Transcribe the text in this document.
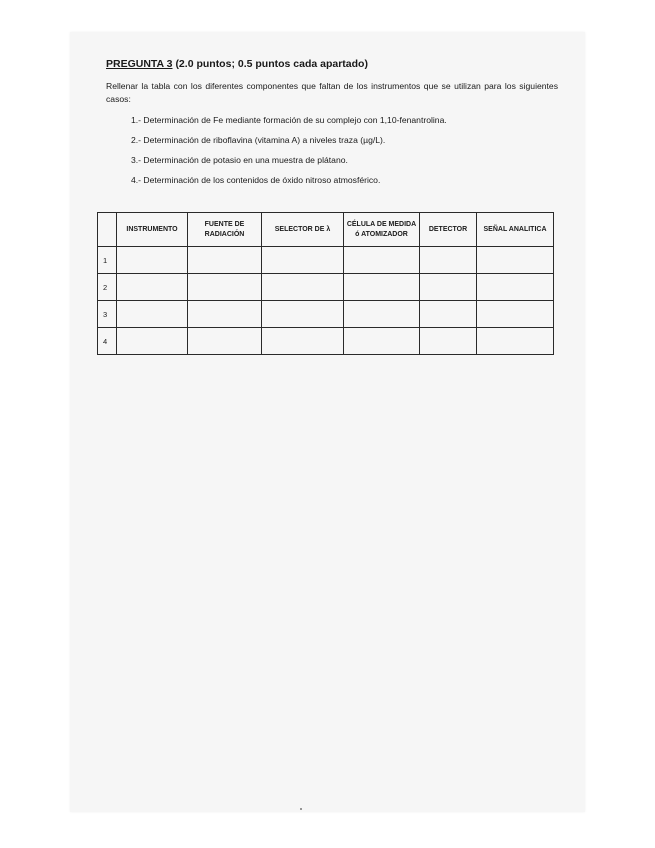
PREGUNTA 3 (2.0 puntos; 0.5 puntos cada apartado)
Rellenar la tabla con los diferentes componentes que faltan de los instrumentos que se utilizan para los siguientes casos:
1.- Determinación de Fe mediante formación de su complejo con 1,10-fenantrolina.
2.- Determinación de riboflavina (vitamina A) a niveles traza (µg/L).
3.- Determinación de potasio en una muestra de plátano.
4.- Determinación de los contenidos de óxido nitroso atmosférico.
	INSTRUMENTO	FUENTE DE RADIACIÓN	SELECTOR DE λ	CÉLULA DE MEDIDA ó ATOMIZADOR	DETECTOR	SEÑAL ANALITICA
1						
2						
3						
4						
